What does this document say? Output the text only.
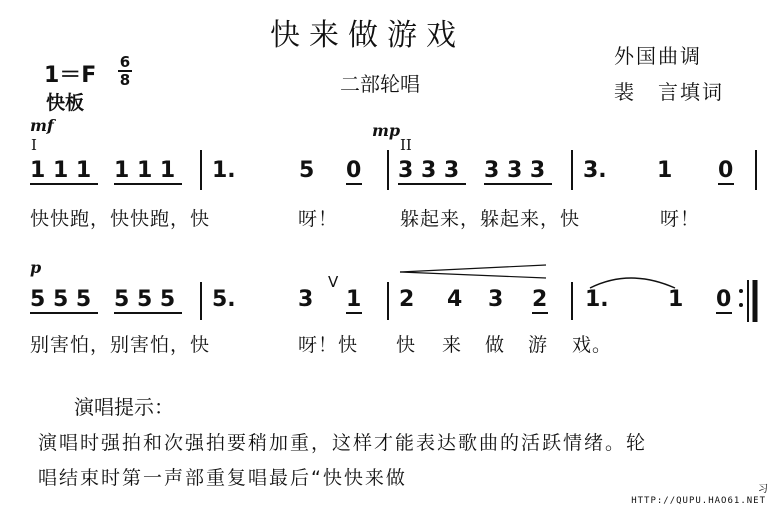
快来做游戏
外国曲调
裴　言填词
1＝F
6
8
快板
二部轮唱
mf
I
mp
II
1 1 1 1 1 1 1.	5 0 3 3 3 3 3 3 3. 1 0
快快跑，快快跑，快	呀！	躲起来，躲起来，快	呀！
p
5 5 5 5 5 5 5.	3
V
1 2 4 3 2 1.	1 0
别害怕，别害怕，快	呀！快 快 来 做 游 戏。
演唱提示：
演唱时强拍和次强拍要稍加重，这样才能表达歌曲的活跃情绪。轮
唱结束时第一声部重复唱最后“快快来做
HTTP://QUPU.HAO61.NET
习
